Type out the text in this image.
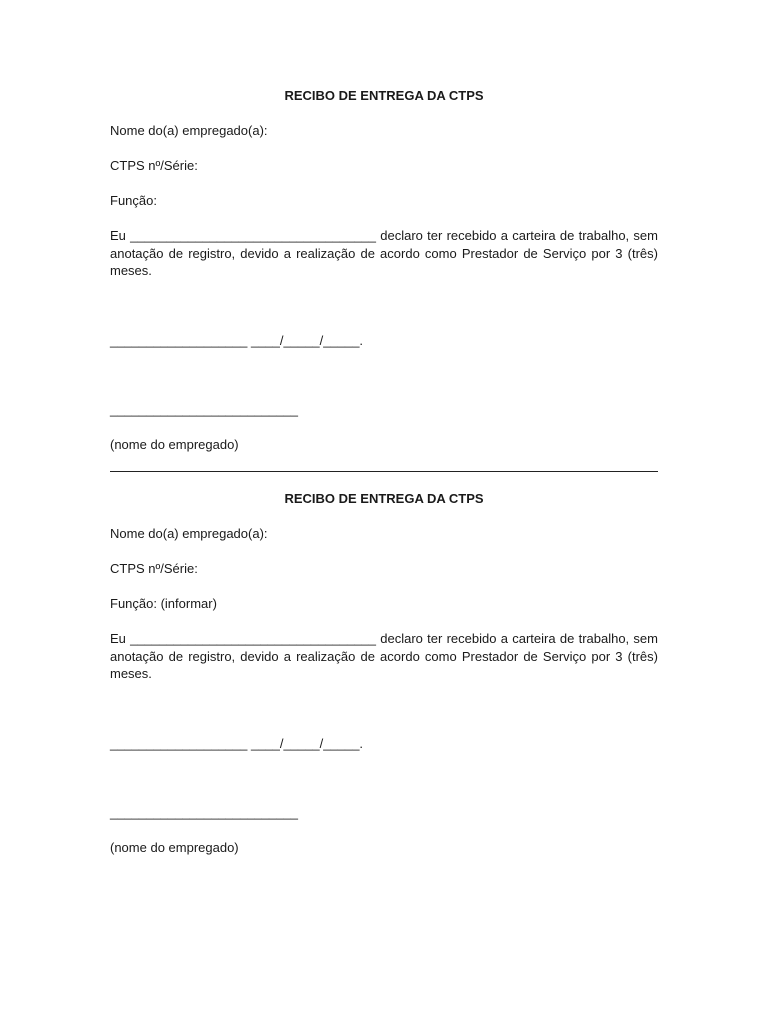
RECIBO DE ENTREGA DA CTPS

Nome do(a) empregado(a):

CTPS nº/Série:

Função:

Eu __________________________________ declaro ter recebido a carteira de trabalho, sem anotação de registro, devido a realização de acordo como Prestador de Serviço por 3 (três) meses.

___________________ ____/_____/_____.

__________________________

(nome do empregado)

RECIBO DE ENTREGA DA CTPS

Nome do(a) empregado(a):

CTPS nº/Série:

Função: (informar)

Eu __________________________________ declaro ter recebido a carteira de trabalho, sem anotação de registro, devido a realização de acordo como Prestador de Serviço por 3 (três) meses.

___________________ ____/_____/_____.

__________________________

(nome do empregado)
